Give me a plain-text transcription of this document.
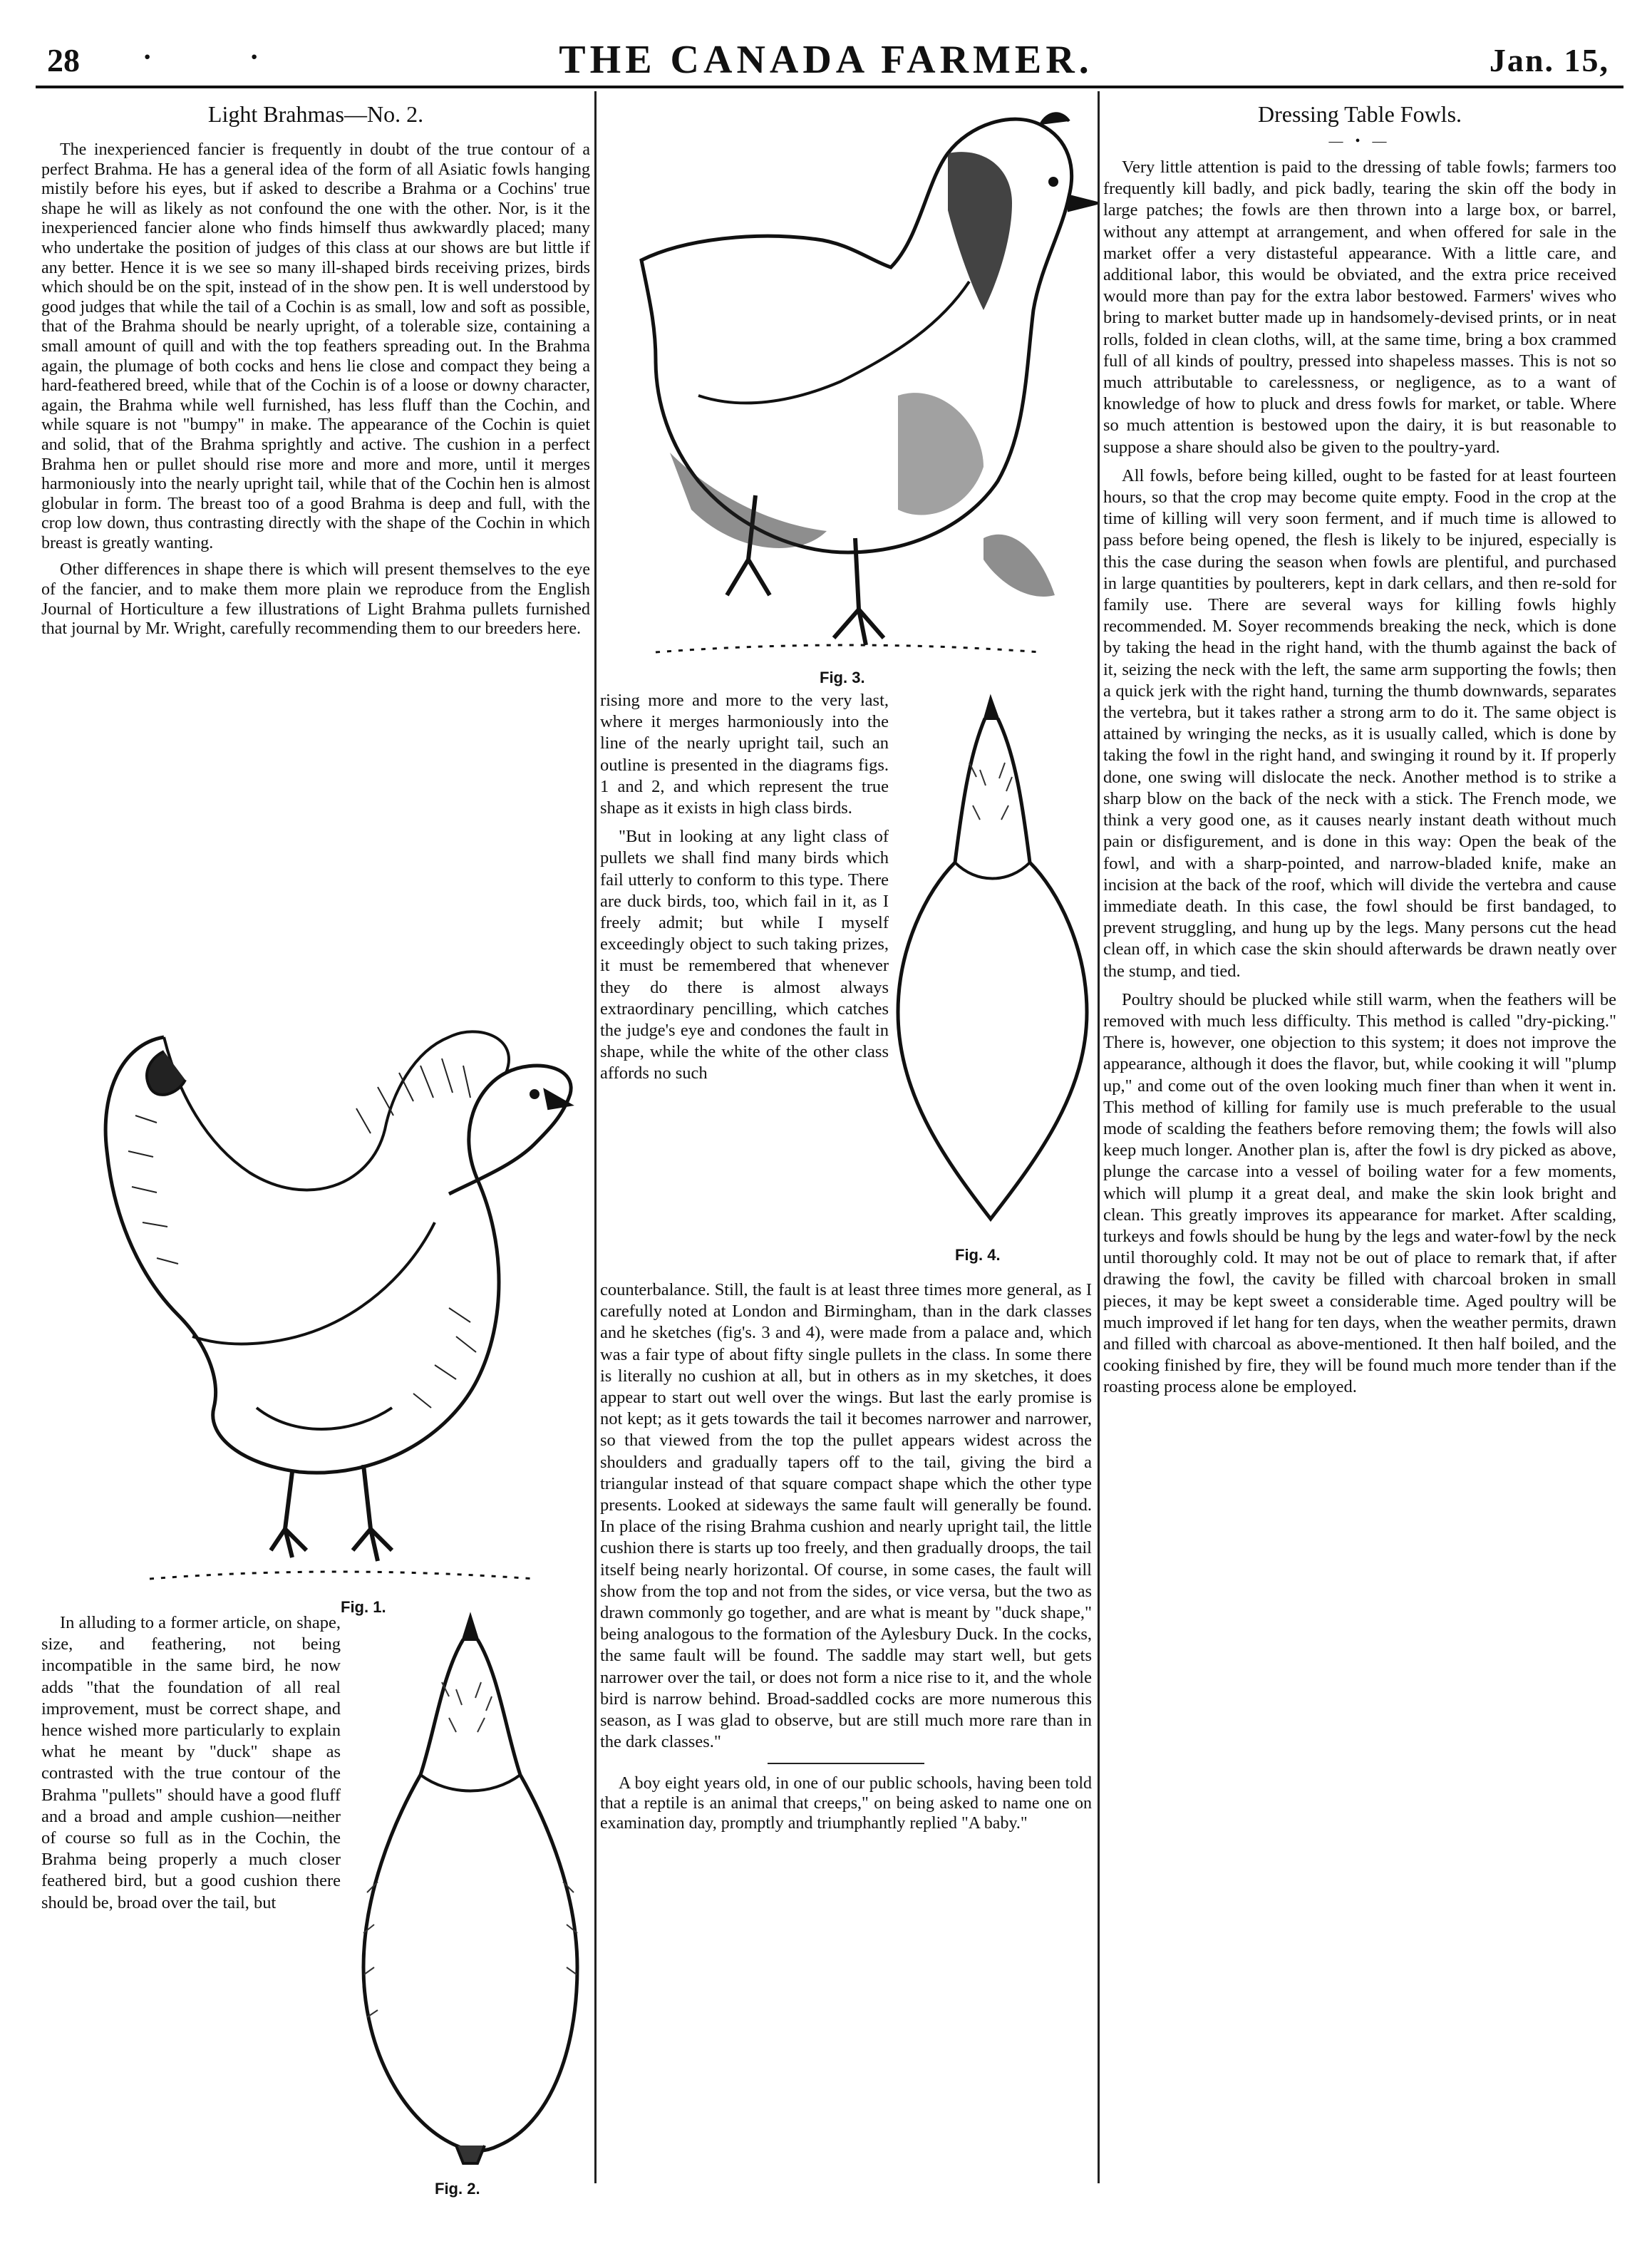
28 ·	·	THE CANADA FARMER.	Jan. 15,
Light Brahmas—No. 2.

The inexperienced fancier is frequently in doubt of the true contour of a perfect Brahma. He has a general idea of the form of all Asiatic fowls hanging mistily before his eyes, but if asked to describe a Brahma or a Cochins' true shape he will as likely as not confound the one with the other. Nor, is it the inexperienced fancier alone who finds himself thus awkwardly placed; many who undertake the position of judges of this class at our shows are but little if any better. Hence it is we see so many ill-shaped birds receiving prizes, birds which should be on the spit, instead of in the show pen. It is well understood by good judges that while the tail of a Cochin is as small, low and soft as possible, that of the Brahma should be nearly upright, of a tolerable size, containing a small amount of quill and with the top feathers spreading out. In the Brahma again, the plumage of both cocks and hens lie close and compact they being a hard-feathered breed, while that of the Cochin is of a loose or downy character, again, the Brahma while well furnished, has less fluff than the Cochin, and while square is not "bumpy" in make. The appearance of the Cochin is quiet and solid, that of the Brahma sprightly and active. The cushion in a perfect Brahma hen or pullet should rise more and more and more, until it merges harmoniously into the nearly upright tail, while that of the Cochin hen is almost globular in form. The breast too of a good Brahma is deep and full, with the crop low down, thus contrasting directly with the shape of the Cochin in which breast is greatly wanting.

Other differences in shape there is which will present themselves to the eye of the fancier, and to make them more plain we reproduce from the English Journal of Horticulture a few illustrations of Light Brahma pullets furnished that journal by Mr. Wright, carefully recommending them to our breeders here.

Fig. 1.

In alluding to a former article, on shape, size, and feathering, not being incompatible in the same bird, he now adds "that the foundation of all real improvement, must be correct shape, and hence wished more particularly to explain what he meant by "duck" shape as contrasted with the true contour of the Brahma "pullets" should have a good fluff and a broad and ample cushion—neither of course so full as in the Cochin, the Brahma being properly a much closer feathered bird, but a good cushion there should be, broad over the tail, but

Fig. 2.
Fig. 3.

rising more and more to the very last, where it merges harmoniously into the line of the nearly upright tail, such an outline is presented in the diagrams figs. 1 and 2, and which represent the true shape as it exists in high class birds.

"But in looking at any light class of pullets we shall find many birds which fail utterly to conform to this type. There are duck birds, too, which fail in it, as I freely admit; but while I myself exceedingly object to such taking prizes, it must be remembered that whenever they do there is almost always extraordinary pencilling, which catches the judge's eye and condones the fault in shape, while the white of the other class affords no such

Fig. 4.

counterbalance. Still, the fault is at least three times more general, as I carefully noted at London and Birmingham, than in the dark classes and he sketches (fig's. 3 and 4), were made from a palace and, which was a fair type of about fifty single pullets in the class. In some there is literally no cushion at all, but in others as in my sketches, it does appear to start out well over the wings. But last the early promise is not kept; as it gets towards the tail it becomes narrower and narrower, so that viewed from the top the pullet appears widest across the shoulders and gradually tapers off to the tail, giving the bird a triangular instead of that square compact shape which the other type presents. Looked at sideways the same fault will generally be found. In place of the rising Brahma cushion and nearly upright tail, the little cushion there is starts up too freely, and then gradually droops, the tail itself being nearly horizontal. Of course, in some cases, the fault will show from the top and not from the sides, or vice versa, but the two as drawn commonly go together, and are what is meant by "duck shape," being analogous to the formation of the Aylesbury Duck. In the cocks, the same fault will be found. The saddle may start well, but gets narrower over the tail, or does not form a nice rise to it, and the whole bird is narrow behind. Broad-saddled cocks are more numerous this season, as I was glad to observe, but are still much more rare than in the dark classes."

A boy eight years old, in one of our public schools, having been told that a reptile is an animal that creeps," on being asked to name one on examination day, promptly and triumphantly replied "A baby."

Dressing Table Fowls.
— • —

Very little attention is paid to the dressing of table fowls; farmers too frequently kill badly, and pick badly, tearing the skin off the body in large patches; the fowls are then thrown into a large box, or barrel, without any attempt at arrangement, and when offered for sale in the market offer a very distasteful appearance. With a little care, and additional labor, this would be obviated, and the extra price received would more than pay for the extra labor bestowed. Farmers' wives who bring to market butter made up in handsomely-devised prints, or in neat rolls, folded in clean cloths, will, at the same time, bring a box crammed full of all kinds of poultry, pressed into shapeless masses. This is not so much attributable to carelessness, or negligence, as to a want of knowledge of how to pluck and dress fowls for market, or table. Where so much attention is bestowed upon the dairy, it is but reasonable to suppose a share should also be given to the poultry-yard.

All fowls, before being killed, ought to be fasted for at least fourteen hours, so that the crop may become quite empty. Food in the crop at the time of killing will very soon ferment, and if much time is allowed to pass before being opened, the flesh is likely to be injured, especially is this the case during the season when fowls are plentiful, and purchased in large quantities by poulterers, kept in dark cellars, and then re-sold for family use. There are several ways for killing fowls highly recommended. M. Soyer recommends breaking the neck, which is done by taking the head in the right hand, with the thumb against the back of it, seizing the neck with the left, the same arm supporting the fowls; then a quick jerk with the right hand, turning the thumb downwards, separates the vertebra, but it takes rather a strong arm to do it. The same object is attained by wringing the necks, as it is usually called, which is done by taking the fowl in the right hand, and swinging it round by it. If properly done, one swing will dislocate the neck. Another method is to strike a sharp blow on the back of the neck with a stick. The French mode, we think a very good one, as it causes nearly instant death without much pain or disfigurement, and is done in this way: Open the beak of the fowl, and with a sharp-pointed, and narrow-bladed knife, make an incision at the back of the roof, which will divide the vertebra and cause immediate death. In this case, the fowl should be first bandaged, to prevent struggling, and hung up by the legs. Many persons cut the head clean off, in which case the skin should afterwards be drawn neatly over the stump, and tied.

Poultry should be plucked while still warm, when the feathers will be removed with much less difficulty. This method is called "dry-picking." There is, however, one objection to this system; it does not improve the appearance, although it does the flavor, but, while cooking it will "plump up," and come out of the oven looking much finer than when it went in. This method of killing for family use is much preferable to the usual mode of scalding the feathers before removing them; the fowls will also keep much longer. Another plan is, after the fowl is dry picked as above, plunge the carcase into a vessel of boiling water for a few moments, which will plump it a great deal, and make the skin look bright and clean. This greatly improves its appearance for market. After scalding, turkeys and fowls should be hung by the legs and water-fowl by the neck until thoroughly cold. It may not be out of place to remark that, if after drawing the fowl, the cavity be filled with charcoal broken in small pieces, it may be kept sweet a considerable time. Aged poultry will be much improved if let hang for ten days, when the weather permits, drawn and filled with charcoal as above-mentioned. It then half boiled, and the cooking finished by fire, they will be found much more tender than if the roasting process alone be employed.
